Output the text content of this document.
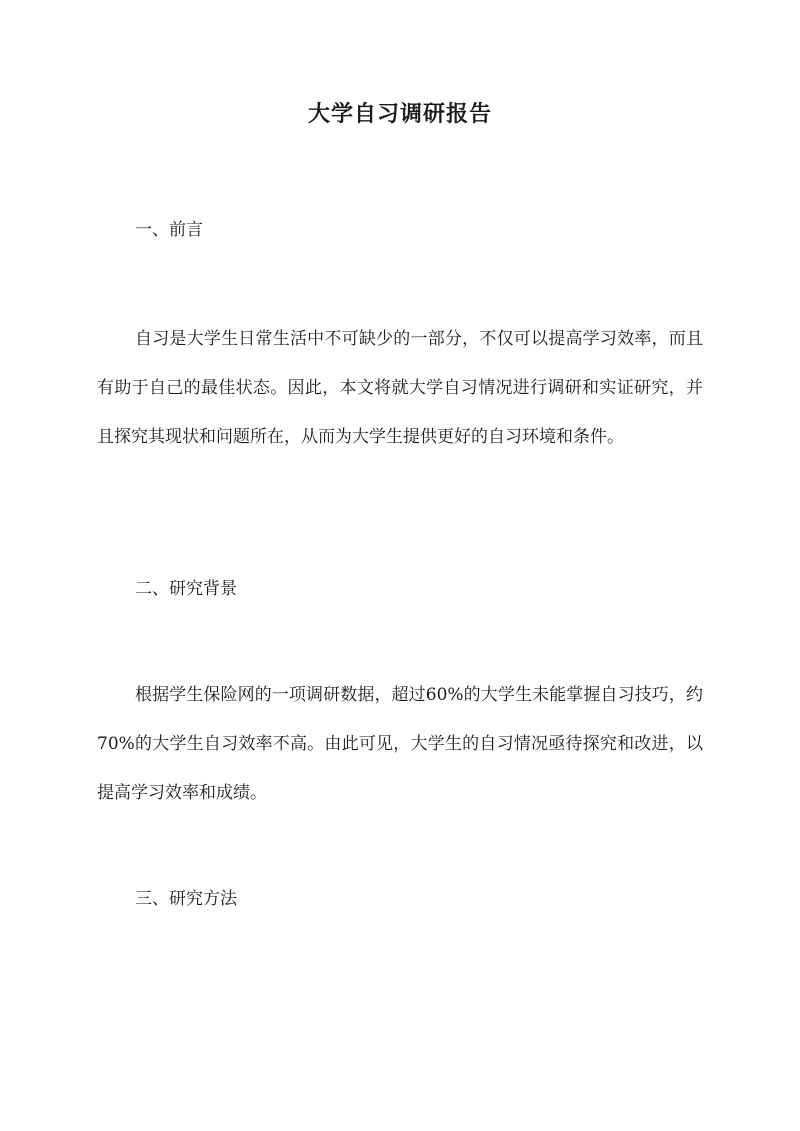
大学自习调研报告

一、前言

自习是大学生日常生活中不可缺少的一部分，不仅可以提高学习效率，而且有助于自己的最佳状态。因此，本文将就大学自习情况进行调研和实证研究，并且探究其现状和问题所在，从而为大学生提供更好的自习环境和条件。

二、研究背景

根据学生保险网的一项调研数据，超过60%的大学生未能掌握自习技巧，约70%的大学生自习效率不高。由此可见，大学生的自习情况亟待探究和改进，以提高学习效率和成绩。

三、研究方法
